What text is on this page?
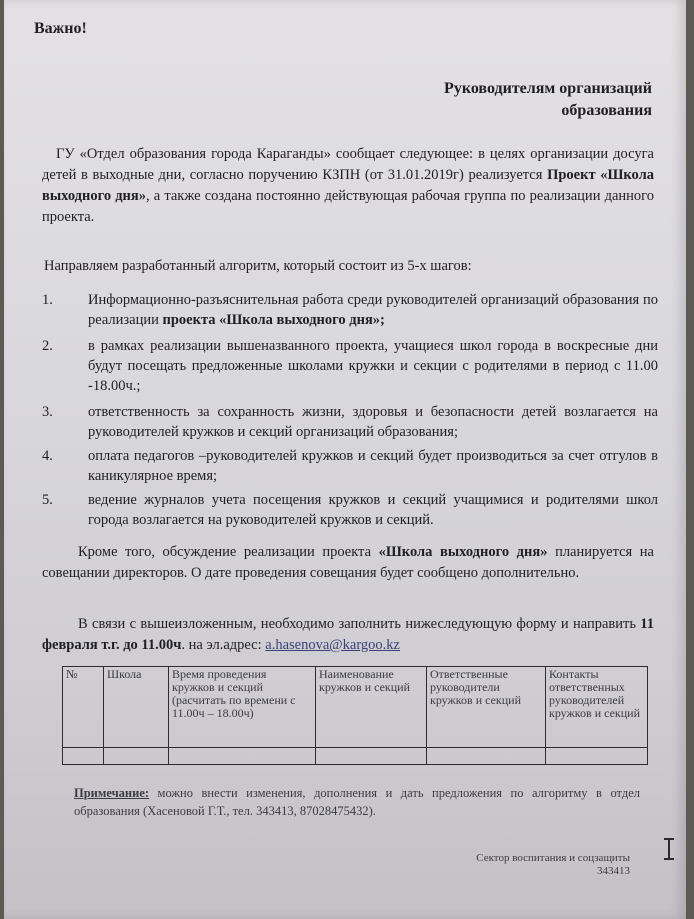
Важно!
Руководителям организаций
образования
ГУ «Отдел образования города Караганды» сообщает следующее: в целях организации досуга детей в выходные дни, согласно поручению КЗПН (от 31.01.2019г) реализуется Проект «Школа выходного дня», а также создана постоянно действующая рабочая группа по реализации данного проекта.
Направляем разработанный алгоритм, который состоит из 5-х шагов:
1.	Информационно-разъяснительная работа среди руководителей организаций образования по реализации проекта «Школа выходного дня»;
2.	в рамках реализации вышеназванного проекта, учащиеся школ города в воскресные дни будут посещать предложенные школами кружки и секции с родителями в период с 11.00 -18.00ч.;
3.	ответственность за сохранность жизни, здоровья и безопасности детей возлагается на руководителей кружков и секций организаций образования;
4.	оплата педагогов –руководителей кружков и секций будет производиться за счет отгулов в каникулярное время;
5.	ведение журналов учета посещения кружков и секций учащимися и родителями школ города возлагается на руководителей кружков и секций.
Кроме того, обсуждение реализации проекта «Школа выходного дня» планируется на совещании директоров. О дате проведения совещания будет сообщено дополнительно.
В связи с вышеизложенным, необходимо заполнить нижеследующую форму и направить 11 февраля т.г. до 11.00ч. на эл.адрес: a.hasenova@kargoo.kz
№	Школа	Время проведения кружков и секций (расчитать по времени с 11.00ч – 18.00ч)	Наименование кружков и секций	Ответственные руководители кружков и секций	Контакты ответственных руководителей кружков и секций

Примечание: можно внести изменения, дополнения и дать предложения по алгоритму в отдел образования (Хасеновой Г.Т., тел. 343413, 87028475432).
Сектор воспитания и соцзащиты
343413
